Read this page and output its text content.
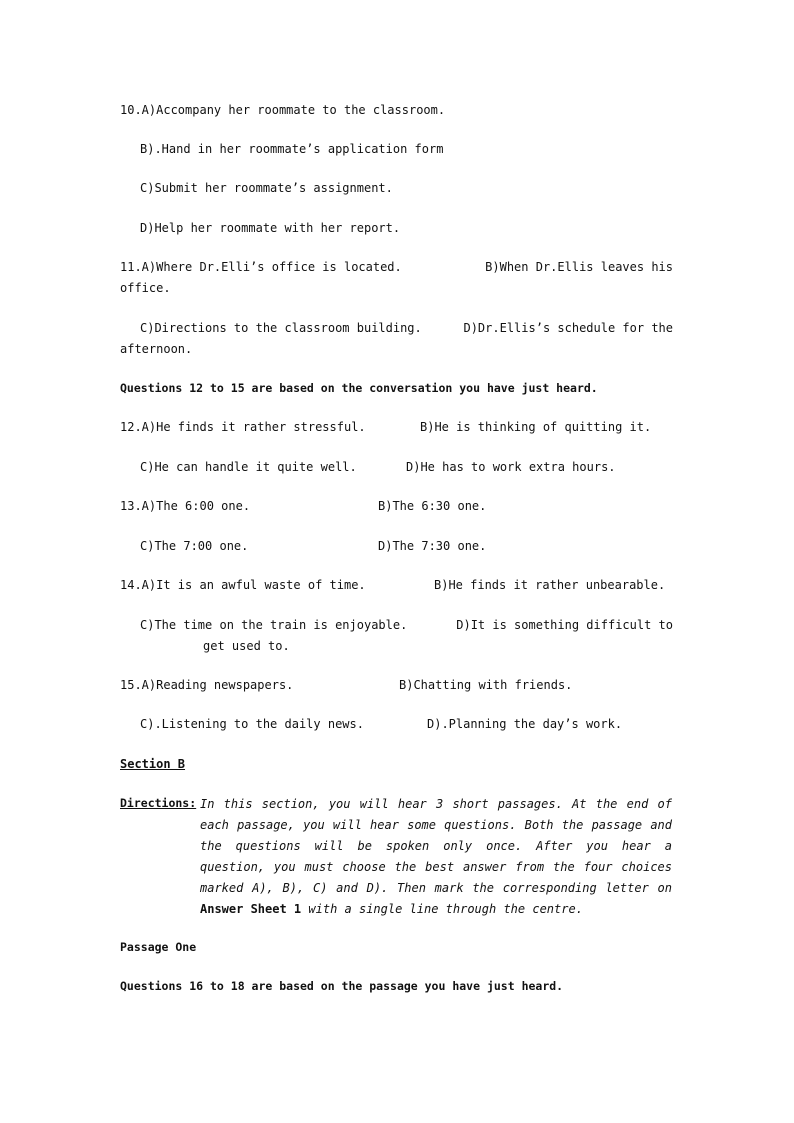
10.A)Accompany her roommate to the classroom.
B).Hand in her roommate’s application form
C)Submit her roommate’s assignment.
D)Help her roommate with her report.
11.A)Where Dr.Elli’s office is located.	B)When Dr.Ellis leaves his
office.
C)Directions to the classroom building.	D)Dr.Ellis’s schedule for the
afternoon.
Questions 12 to 15 are based on the conversation you have just heard.
12.A)He finds it rather stressful.	B)He is thinking of quitting it.
C)He can handle it quite well.	D)He has to work extra hours.
13.A)The 6:00 one.	B)The 6:30 one.
C)The 7:00 one.	D)The 7:30 one.
14.A)It is an awful waste of time.	B)He finds it rather unbearable.
C)The time on the train is enjoyable.	D)It is something difficult to
get used to.
15.A)Reading newspapers.	B)Chatting with friends.
C).Listening to the daily news.	D).Planning the day’s work.
Section B
Directions: In this section, you will hear 3 short passages. At the end of each passage, you will hear some questions. Both the passage and the questions will be spoken only once. After you hear a question, you must choose the best answer from the four choices marked A), B), C) and D). Then mark the corresponding letter on Answer Sheet 1 with a single line through the centre.
Passage One
Questions 16 to 18 are based on the passage you have just heard.
